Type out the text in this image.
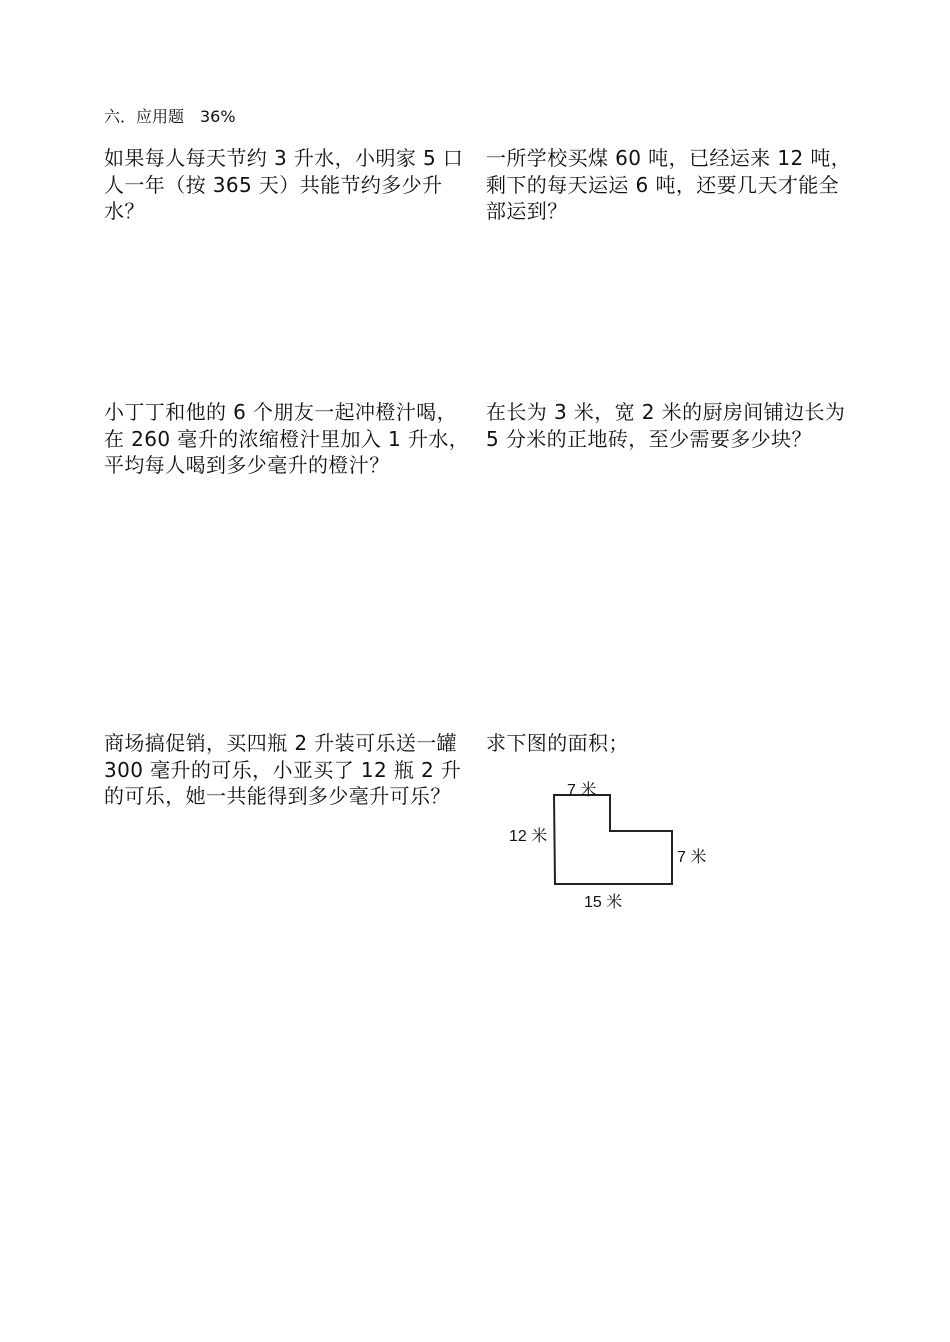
六．应用题　36%
如果每人每天节约 3 升水，小明家 5 口人一年（按 365 天）共能节约多少升水？
一所学校买煤 60 吨，已经运来 12 吨，剩下的每天运运 6 吨，还要几天才能全部运到？
小丁丁和他的 6 个朋友一起冲橙汁喝，在 260 毫升的浓缩橙汁里加入 1 升水，平均每人喝到多少毫升的橙汁？
在长为 3 米，宽 2 米的厨房间铺边长为 5 分米的正地砖，至少需要多少块？
商场搞促销，买四瓶 2 升装可乐送一罐 300 毫升的可乐，小亚买了 12 瓶 2 升的可乐，她一共能得到多少毫升可乐？
求下图的面积；
7 米
12 米
7 米
15 米
